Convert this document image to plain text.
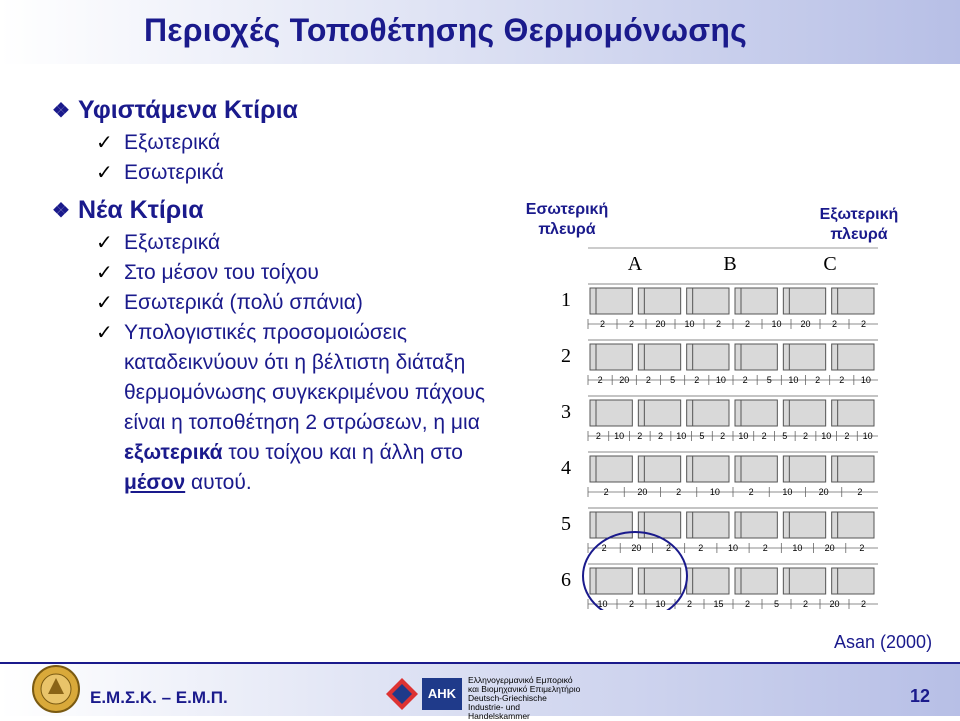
Περιοχές Τοποθέτησης Θερμομόνωσης
❖ Υφιστάμενα Κτίρια
✓ Εξωτερικά
✓ Εσωτερικά
❖ Νέα Κτίρια
✓ Εξωτερικά
✓ Στο μέσον του τοίχου
✓ Εσωτερικά (πολύ σπάνια)
✓ Υπολογιστικές προσομοιώσεις καταδεικνύουν ότι η βέλτιστη διάταξη θερμομόνωσης συγκεκριμένου πάχους είναι η τοποθέτηση 2 στρώσεων, η μια εξωτερικά του τοίχου και η άλλη στο μέσον αυτού.
Εσωτερική πλευρά
Εξωτερική πλευρά
2	2 20 10 2	2 10 20 2	2
2 20 2 5 2 10 2 5 10 2 2 10
2 10 2 2 10 5 2 10 2 5 2 10 2 10
2	20	2	10	2	10	20	2
2	20	2	2	10	2	10 20	2
10 2 10 2 15 2	5	2 20 2
A	B	C
1
2
3
4
5
6
Asan (2000)
Ε.Μ.Σ.Κ. – Ε.Μ.Π.	AHK
Ελληνογερμανικό Εμπορικό
και Βιομηχανικό Επιμελητήριο
Deutsch-Griechische
Industrie- und Handelskammer
12
